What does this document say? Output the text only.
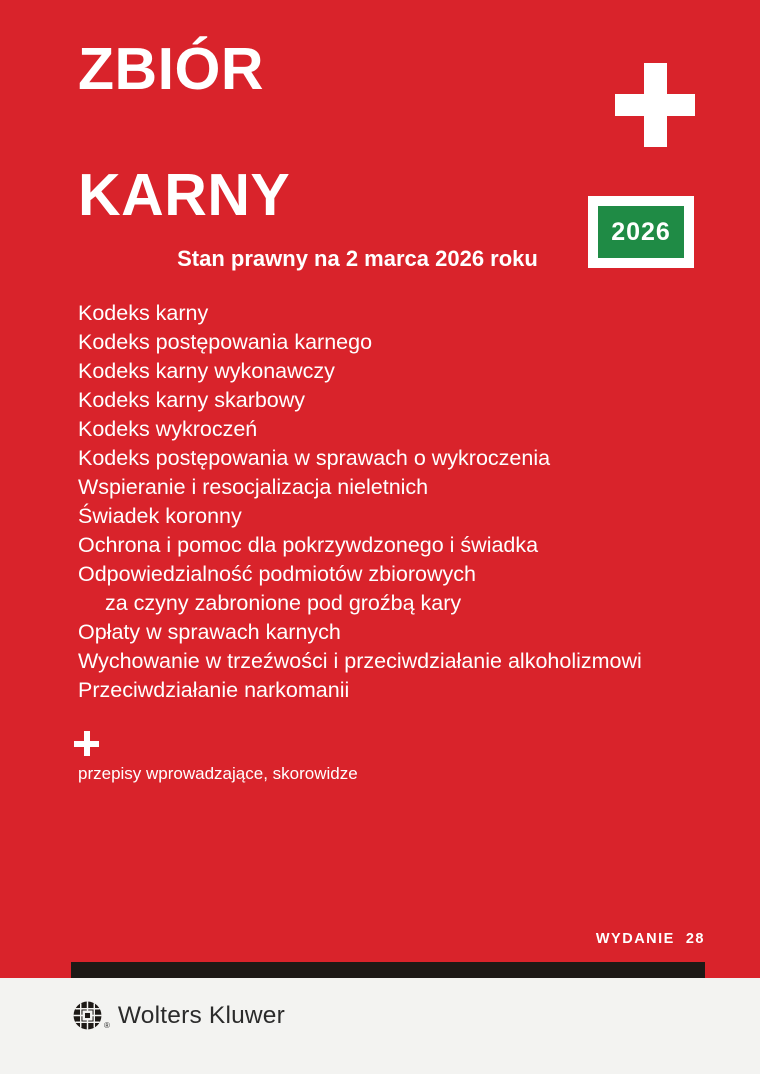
ZBIÓR

KARNY

2026
Stan prawny na 2 marca 2026 roku
Kodeks karny
Kodeks postępowania karnego
Kodeks karny wykonawczy
Kodeks karny skarbowy
Kodeks wykroczeń
Kodeks postępowania w sprawach o wykroczenia
Wspieranie i resocjalizacja nieletnich
Świadek koronny
Ochrona i pomoc dla pokrzywdzonego i świadka
Odpowiedzialność podmiotów zbiorowych
za czyny zabronione pod groźbą kary
Opłaty w sprawach karnych
Wychowanie w trzeźwości i przeciwdziałanie alkoholizmowi
Przeciwdziałanie narkomanii
przepisy wprowadzające, skorowidze
WYDANIE 28
® Wolters Kluwer
